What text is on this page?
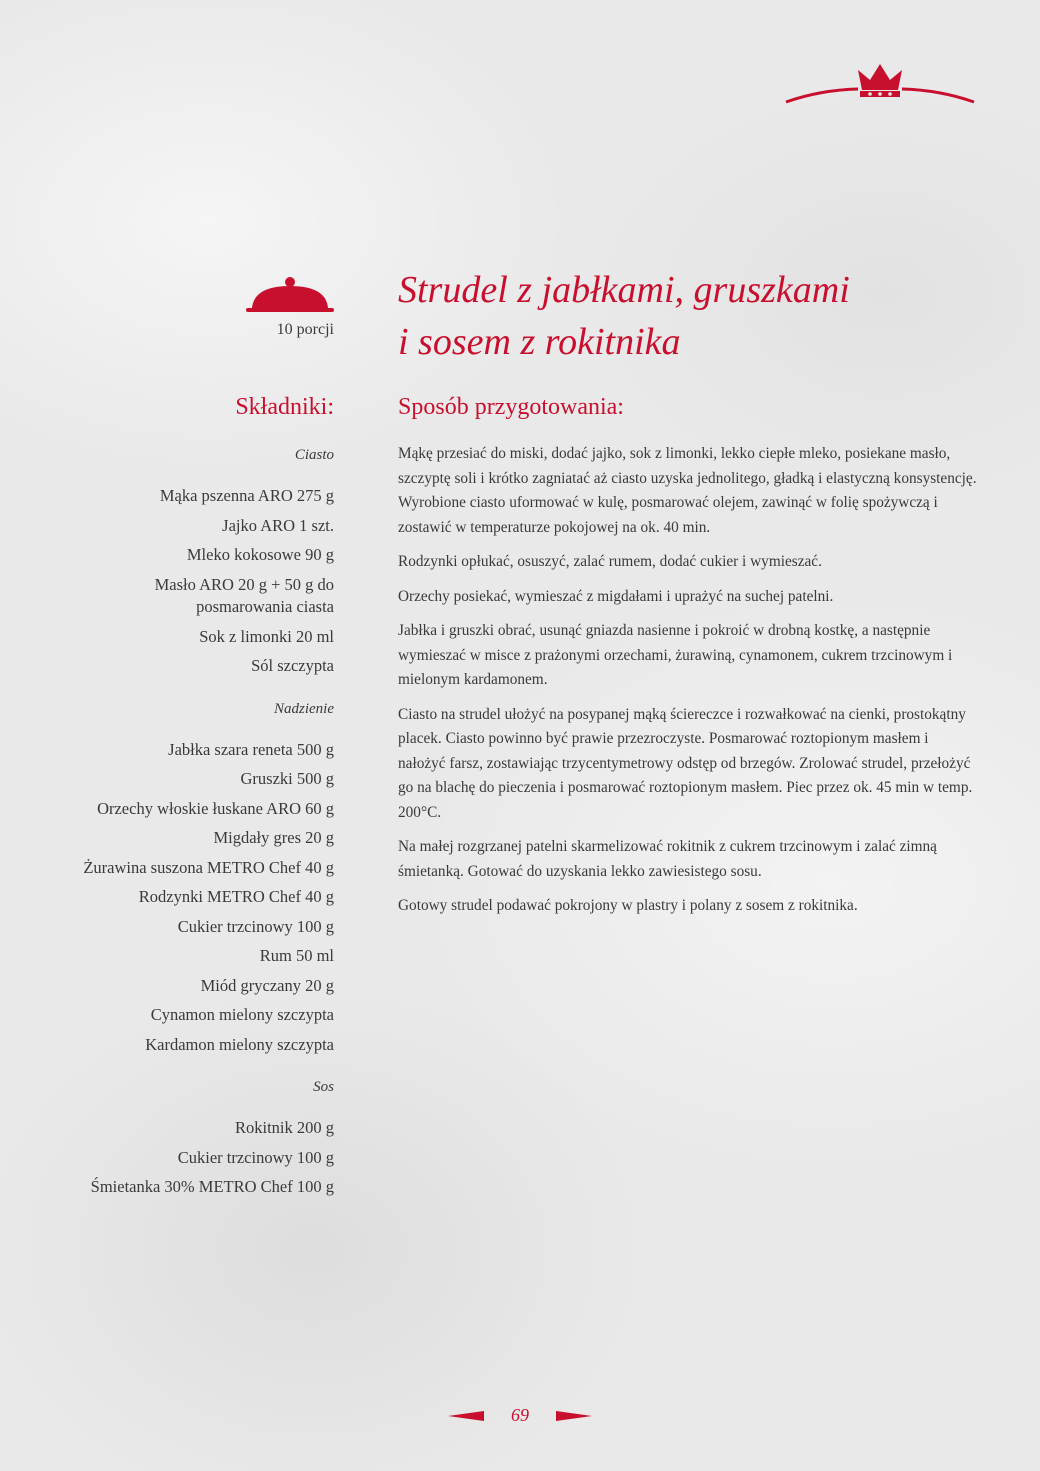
10 porcji
Strudel z jabłkami, gruszkami
i sosem z rokitnika
Składniki:	Sposób przygotowania:
Ciasto
Mąka pszenna ARO 275 g
Jajko ARO 1 szt.
Mleko kokosowe 90 g
Masło ARO 20 g + 50 g do
posmarowania ciasta
Sok z limonki 20 ml
Sól szczypta
Nadzienie
Jabłka szara reneta 500 g
Gruszki 500 g
Orzechy włoskie łuskane ARO 60 g
Migdały gres 20 g
Żurawina suszona METRO Chef 40 g
Rodzynki METRO Chef 40 g
Cukier trzcinowy 100 g
Rum 50 ml
Miód gryczany 20 g
Cynamon mielony szczypta
Kardamon mielony szczypta
Sos
Rokitnik 200 g
Cukier trzcinowy 100 g
Śmietanka 30% METRO Chef 100 g

Mąkę przesiać do miski, dodać jajko, sok z limonki, lekko ciepłe mleko, posiekane masło, szczyptę soli i krótko zagniatać aż ciasto uzyska jednolitego, gładką i elastyczną konsystencję. Wyrobione ciasto uformować w kulę, posmarować olejem, zawinąć w folię spożywczą i zostawić w temperaturze pokojowej na ok. 40 min.

Rodzynki opłukać, osuszyć, zalać rumem, dodać cukier i wymieszać.

Orzechy posiekać, wymieszać z migdałami i uprażyć na suchej patelni.

Jabłka i gruszki obrać, usunąć gniazda nasienne i pokroić w drobną kostkę, a następnie wymieszać w misce z prażonymi orzechami, żurawiną, cynamonem, cukrem trzcinowym i mielonym kardamonem.

Ciasto na strudel ułożyć na posypanej mąką ściereczce i rozwałkować na cienki, prostokątny placek. Ciasto powinno być prawie przezroczyste. Posmarować roztopionym masłem i nałożyć farsz, zostawiając trzycentymetrowy odstęp od brzegów. Zrolować strudel, przełożyć go na blachę do pieczenia i posmarować roztopionym masłem. Piec przez ok. 45 min w temp. 200°C.

Na małej rozgrzanej patelni skarmelizować rokitnik z cukrem trzcinowym i zalać zimną śmietanką. Gotować do uzyskania lekko zawiesistego sosu.

Gotowy strudel podawać pokrojony w plastry i polany z sosem z rokitnika.

69
